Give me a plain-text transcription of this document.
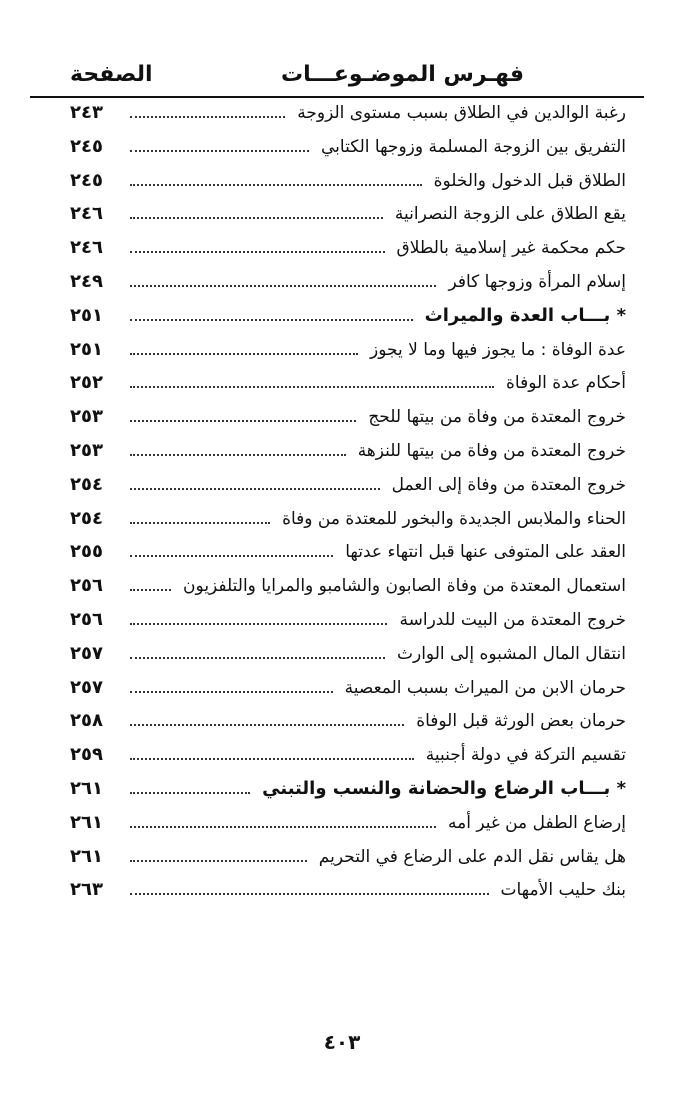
فهـرس الموضـوعـــات
الصفحة
رغبة الوالدين في الطلاق بسبب مستوى الزوجة
٢٤٣
التفريق بين الزوجة المسلمة وزوجها الكتابي
٢٤٥
الطلاق قبل الدخول والخلوة
٢٤٥
يقع الطلاق على الزوجة النصرانية
٢٤٦
حكم محكمة غير إسلامية بالطلاق
٢٤٦
إسلام المرأة وزوجها كافر
٢٤٩
* بـــاب العدة والميراث
٢٥١
عدة الوفاة : ما يجوز فيها وما لا يجوز
٢٥١
أحكام عدة الوفاة
٢٥٢
خروج المعتدة من وفاة من بيتها للحج
٢٥٣
خروج المعتدة من وفاة من بيتها للنزهة
٢٥٣
خروج المعتدة من وفاة إلى العمل
٢٥٤
الحناء والملابس الجديدة والبخور للمعتدة من وفاة
٢٥٤
العقد على المتوفى عنها قبل انتهاء عدتها
٢٥٥
استعمال المعتدة من وفاة الصابون والشامبو والمرايا والتلفزيون
٢٥٦
خروج المعتدة من البيت للدراسة
٢٥٦
انتقال المال المشبوه إلى الوارث
٢٥٧
حرمان الابن من الميراث بسبب المعصية
٢٥٧
حرمان بعض الورثة قبل الوفاة
٢٥٨
تقسيم التركة في دولة أجنبية
٢٥٩
* بـــاب الرضاع والحضانة والنسب والتبني
٢٦١
إرضاع الطفل من غير أمه
٢٦١
هل يقاس نقل الدم على الرضاع في التحريم
٢٦١
بنك حليب الأمهات
٢٦٣
٤٠٣
